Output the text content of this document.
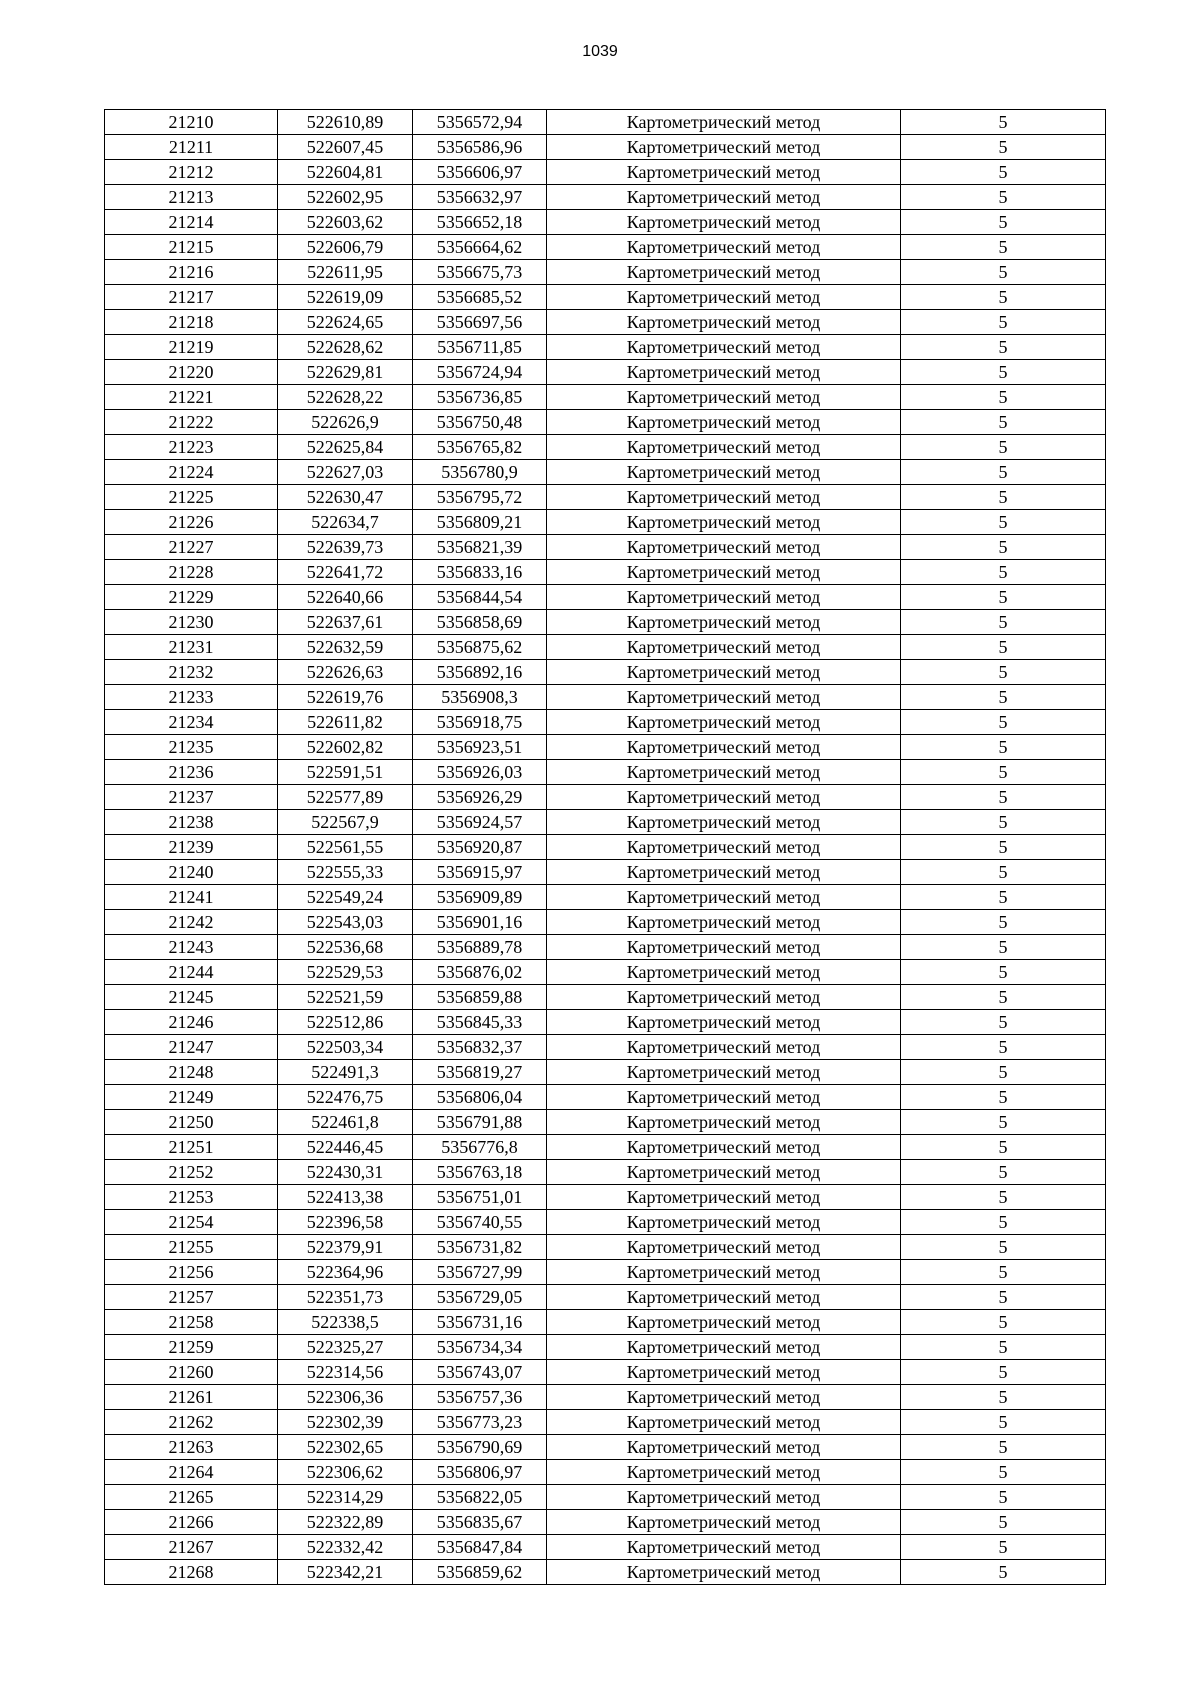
1039
21210	522610,89	5356572,94	Картометрический метод	5
21211	522607,45	5356586,96	Картометрический метод	5
21212	522604,81	5356606,97	Картометрический метод	5
21213	522602,95	5356632,97	Картометрический метод	5
21214	522603,62	5356652,18	Картометрический метод	5
21215	522606,79	5356664,62	Картометрический метод	5
21216	522611,95	5356675,73	Картометрический метод	5
21217	522619,09	5356685,52	Картометрический метод	5
21218	522624,65	5356697,56	Картометрический метод	5
21219	522628,62	5356711,85	Картометрический метод	5
21220	522629,81	5356724,94	Картометрический метод	5
21221	522628,22	5356736,85	Картометрический метод	5
21222	522626,9	5356750,48	Картометрический метод	5
21223	522625,84	5356765,82	Картометрический метод	5
21224	522627,03	5356780,9	Картометрический метод	5
21225	522630,47	5356795,72	Картометрический метод	5
21226	522634,7	5356809,21	Картометрический метод	5
21227	522639,73	5356821,39	Картометрический метод	5
21228	522641,72	5356833,16	Картометрический метод	5
21229	522640,66	5356844,54	Картометрический метод	5
21230	522637,61	5356858,69	Картометрический метод	5
21231	522632,59	5356875,62	Картометрический метод	5
21232	522626,63	5356892,16	Картометрический метод	5
21233	522619,76	5356908,3	Картометрический метод	5
21234	522611,82	5356918,75	Картометрический метод	5
21235	522602,82	5356923,51	Картометрический метод	5
21236	522591,51	5356926,03	Картометрический метод	5
21237	522577,89	5356926,29	Картометрический метод	5
21238	522567,9	5356924,57	Картометрический метод	5
21239	522561,55	5356920,87	Картометрический метод	5
21240	522555,33	5356915,97	Картометрический метод	5
21241	522549,24	5356909,89	Картометрический метод	5
21242	522543,03	5356901,16	Картометрический метод	5
21243	522536,68	5356889,78	Картометрический метод	5
21244	522529,53	5356876,02	Картометрический метод	5
21245	522521,59	5356859,88	Картометрический метод	5
21246	522512,86	5356845,33	Картометрический метод	5
21247	522503,34	5356832,37	Картометрический метод	5
21248	522491,3	5356819,27	Картометрический метод	5
21249	522476,75	5356806,04	Картометрический метод	5
21250	522461,8	5356791,88	Картометрический метод	5
21251	522446,45	5356776,8	Картометрический метод	5
21252	522430,31	5356763,18	Картометрический метод	5
21253	522413,38	5356751,01	Картометрический метод	5
21254	522396,58	5356740,55	Картометрический метод	5
21255	522379,91	5356731,82	Картометрический метод	5
21256	522364,96	5356727,99	Картометрический метод	5
21257	522351,73	5356729,05	Картометрический метод	5
21258	522338,5	5356731,16	Картометрический метод	5
21259	522325,27	5356734,34	Картометрический метод	5
21260	522314,56	5356743,07	Картометрический метод	5
21261	522306,36	5356757,36	Картометрический метод	5
21262	522302,39	5356773,23	Картометрический метод	5
21263	522302,65	5356790,69	Картометрический метод	5
21264	522306,62	5356806,97	Картометрический метод	5
21265	522314,29	5356822,05	Картометрический метод	5
21266	522322,89	5356835,67	Картометрический метод	5
21267	522332,42	5356847,84	Картометрический метод	5
21268	522342,21	5356859,62	Картометрический метод	5
